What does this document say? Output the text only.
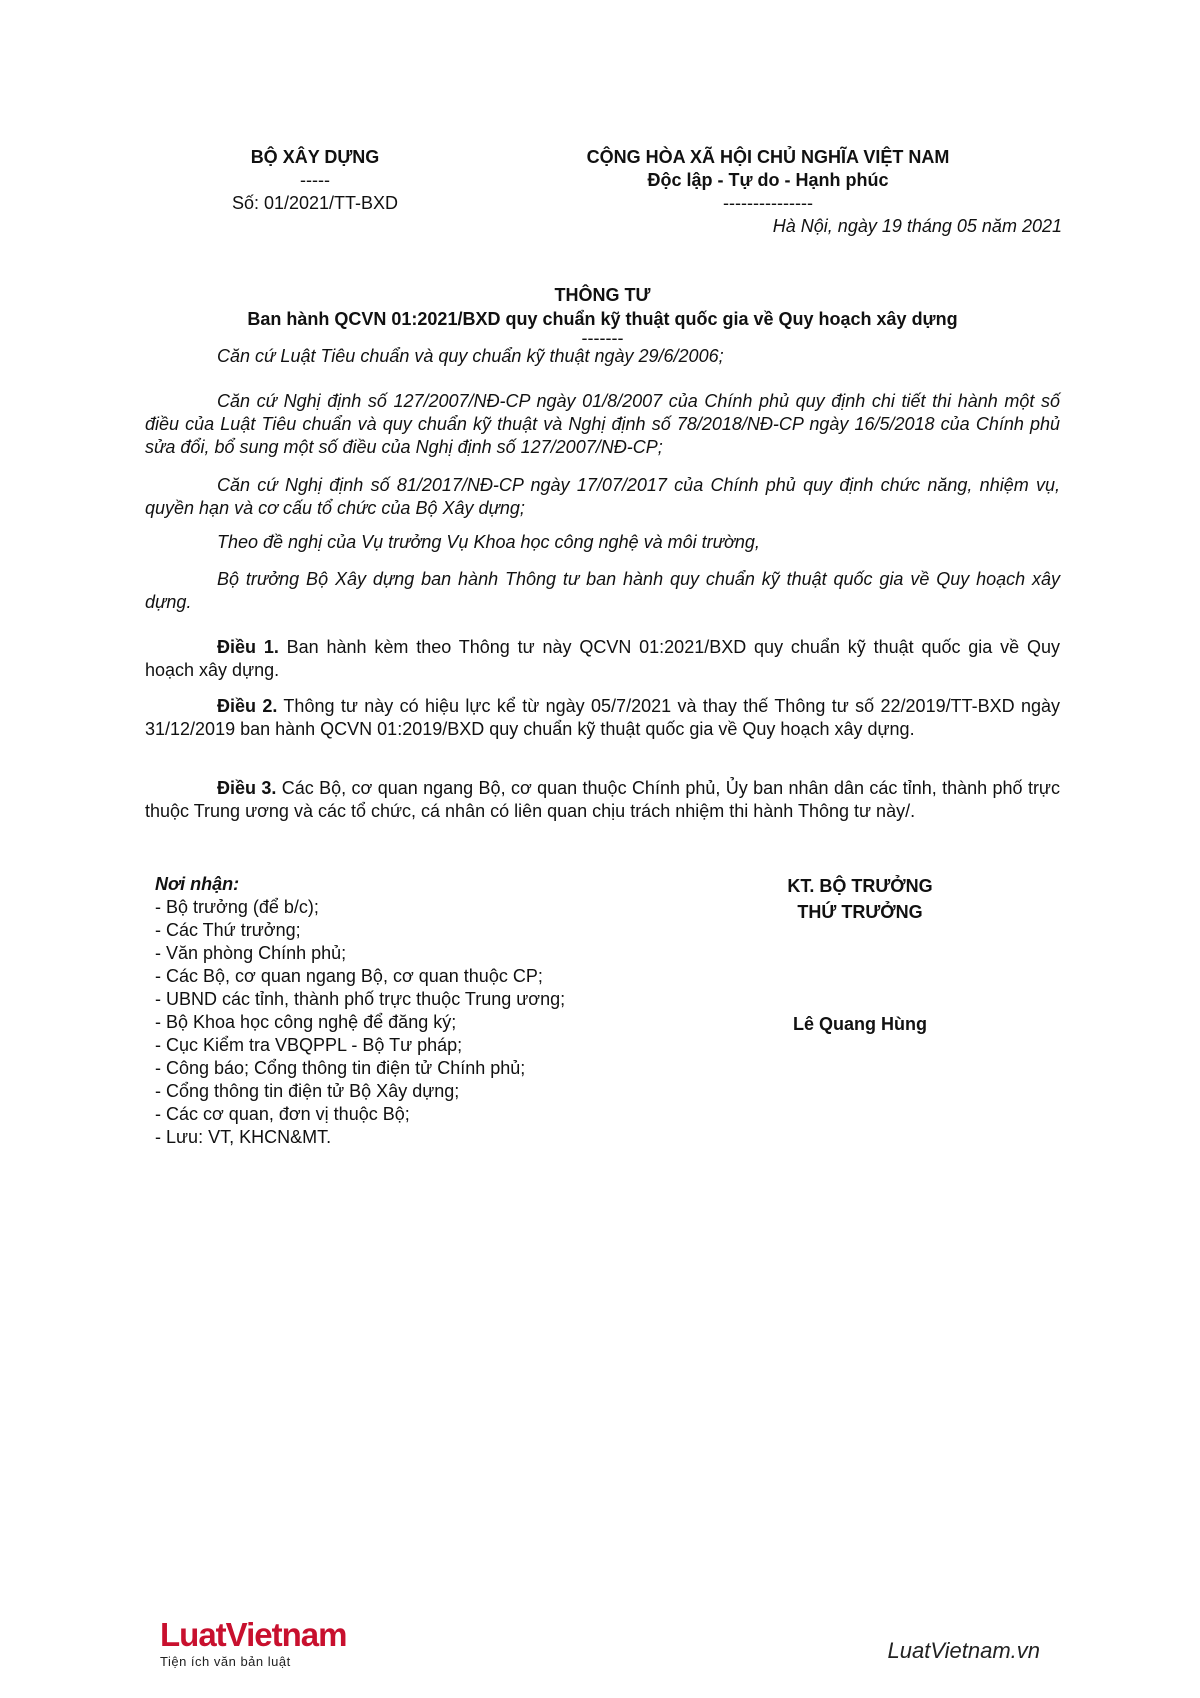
BỘ XÂY DỰNG
-----
Số: 01/2021/TT-BXD
CỘNG HÒA XÃ HỘI CHỦ NGHĨA VIỆT NAM
Độc lập - Tự do - Hạnh phúc
---------------
Hà Nội, ngày 19 tháng 05 năm 2021
THÔNG TƯ
Ban hành QCVN 01:2021/BXD quy chuẩn kỹ thuật quốc gia về Quy hoạch xây dựng
-------

Căn cứ Luật Tiêu chuẩn và quy chuẩn kỹ thuật ngày 29/6/2006;

Căn cứ Nghị định số 127/2007/NĐ-CP ngày 01/8/2007 của Chính phủ quy định chi tiết thi hành một số điều của Luật Tiêu chuẩn và quy chuẩn kỹ thuật và Nghị định số 78/2018/NĐ-CP ngày 16/5/2018 của Chính phủ sửa đổi, bổ sung một số điều của Nghị định số 127/2007/NĐ-CP;

Căn cứ Nghị định số 81/2017/NĐ-CP ngày 17/07/2017 của Chính phủ quy định chức năng, nhiệm vụ, quyền hạn và cơ cấu tổ chức của Bộ Xây dựng;

Theo đề nghị của Vụ trưởng Vụ Khoa học công nghệ và môi trường,

Bộ trưởng Bộ Xây dựng ban hành Thông tư ban hành quy chuẩn kỹ thuật quốc gia về Quy hoạch xây dựng.

Điều 1. Ban hành kèm theo Thông tư này QCVN 01:2021/BXD quy chuẩn kỹ thuật quốc gia về Quy hoạch xây dựng.

Điều 2. Thông tư này có hiệu lực kể từ ngày 05/7/2021 và thay thế Thông tư số 22/2019/TT-BXD ngày 31/12/2019 ban hành QCVN 01:2019/BXD quy chuẩn kỹ thuật quốc gia về Quy hoạch xây dựng.

Điều 3. Các Bộ, cơ quan ngang Bộ, cơ quan thuộc Chính phủ, Ủy ban nhân dân các tỉnh, thành phố trực thuộc Trung ương và các tổ chức, cá nhân có liên quan chịu trách nhiệm thi hành Thông tư này/.

Nơi nhận:
- Bộ trưởng (để b/c);
- Các Thứ trưởng;
- Văn phòng Chính phủ;
- Các Bộ, cơ quan ngang Bộ, cơ quan thuộc CP;
- UBND các tỉnh, thành phố trực thuộc Trung ương;
- Bộ Khoa học công nghệ để đăng ký;
- Cục Kiểm tra VBQPPL - Bộ Tư pháp;
- Công báo; Cổng thông tin điện tử Chính phủ;
- Cổng thông tin điện tử Bộ Xây dựng;
- Các cơ quan, đơn vị thuộc Bộ;
- Lưu: VT, KHCN&MT.
KT. BỘ TRƯỞNG
THỨ TRƯỞNG
Lê Quang Hùng
LuatVietnam
Tiện ích văn bản luật	LuatVietnam.vn
